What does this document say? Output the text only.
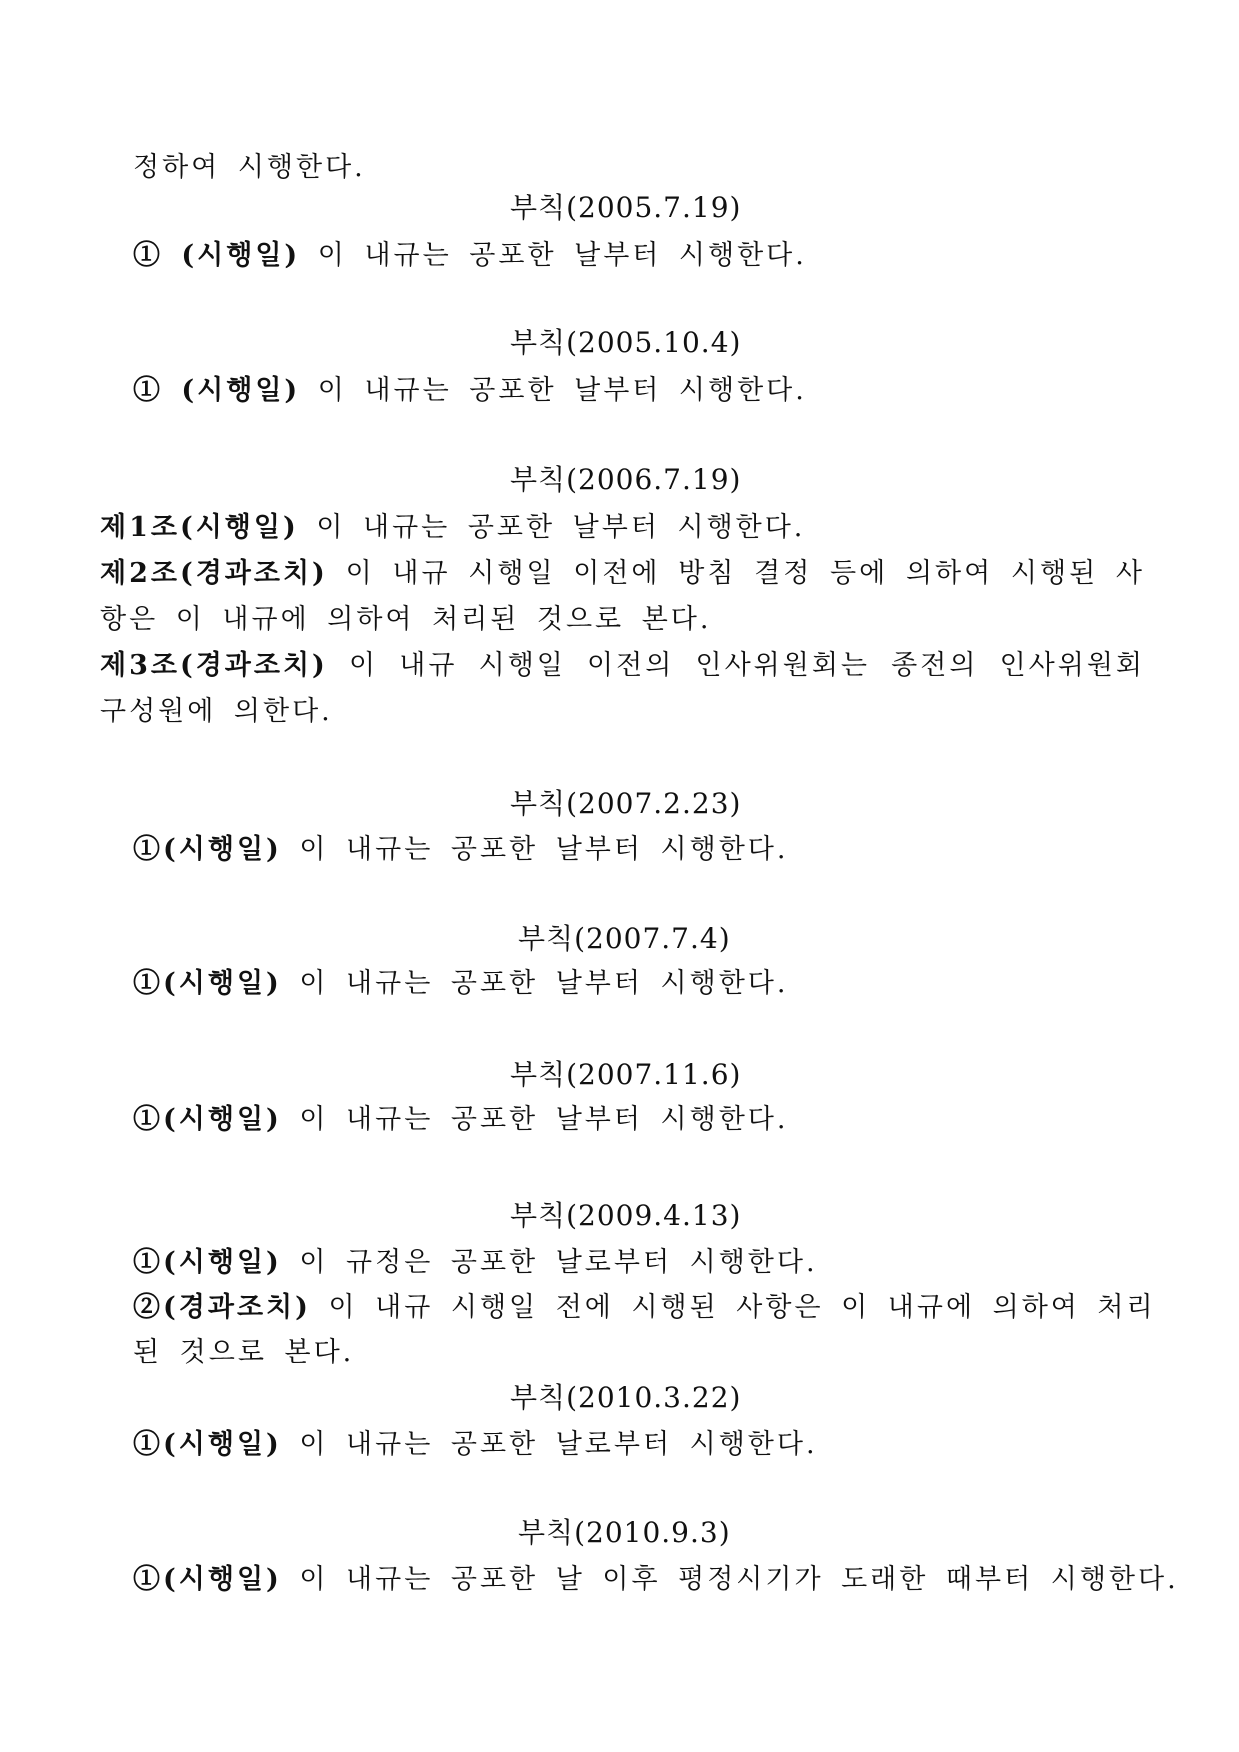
정하여 시행한다.
부칙(2005.7.19)
① (시행일) 이 내규는 공포한 날부터 시행한다.
부칙(2005.10.4)
① (시행일) 이 내규는 공포한 날부터 시행한다.
부칙(2006.7.19)
제1조(시행일) 이 내규는 공포한 날부터 시행한다.
제2조(경과조치) 이 내규 시행일 이전에 방침 결정 등에 의하여 시행된 사
항은 이 내규에 의하여 처리된 것으로 본다.
제3조(경과조치) 이 내규 시행일 이전의 인사위원회는 종전의 인사위원회
구성원에 의한다.
부칙(2007.2.23)
①(시행일) 이 내규는 공포한 날부터 시행한다.
부칙(2007.7.4)
①(시행일) 이 내규는 공포한 날부터 시행한다.
부칙(2007.11.6)
①(시행일) 이 내규는 공포한 날부터 시행한다.
부칙(2009.4.13)
①(시행일) 이 규정은 공포한 날로부터 시행한다.
②(경과조치) 이 내규 시행일 전에 시행된 사항은 이 내규에 의하여 처리
된 것으로 본다.
부칙(2010.3.22)
①(시행일) 이 내규는 공포한 날로부터 시행한다.
부칙(2010.9.3)
①(시행일) 이 내규는 공포한 날 이후 평정시기가 도래한 때부터 시행한다.
